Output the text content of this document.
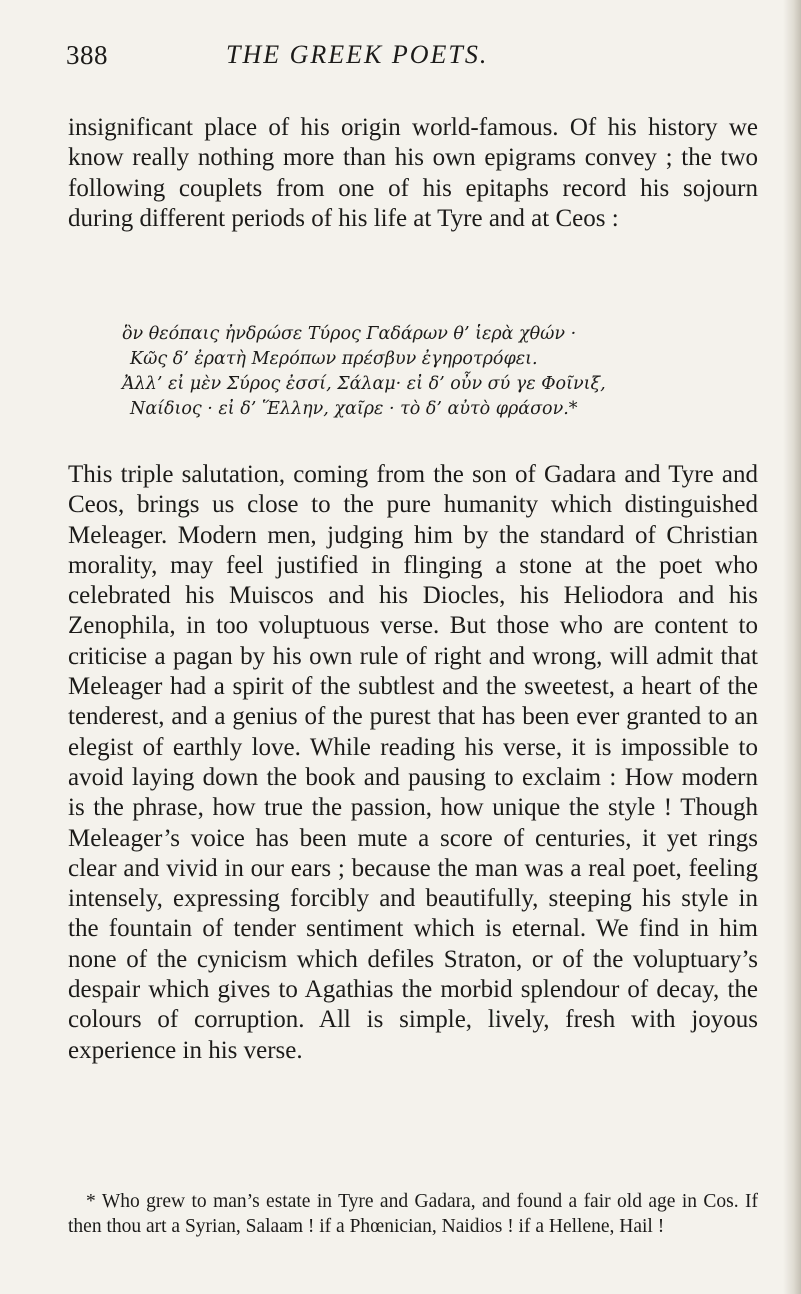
388	THE GREEK POETS.

insignificant place of his origin world-famous. Of his history we know really nothing more than his own epigrams convey ; the two following couplets from one of his epitaphs record his sojourn during different periods of his life at Tyre and at Ceos :

ὃν θεόπαις ἠνδρώσε Τύρος Γαδάρων θ’ ἱερὰ χθών ·
Κῶς δ’ ἐρατὴ Μερόπων πρέσβυν ἐγηροτρόφει.
Ἀλλ’ εἰ μὲν Σύρος ἐσσί, Σάλαμ· εἰ δ’ οὖν σύ γε Φοῖνιξ,
Ναίδιος · εἰ δ’ Ἕλλην, χαῖρε · τὸ δ’ αὐτὸ φράσον.*

This triple salutation, coming from the son of Gadara and Tyre and Ceos, brings us close to the pure humanity which distinguished Meleager. Modern men, judging him by the standard of Christian morality, may feel justified in flinging a stone at the poet who celebrated his Muiscos and his Diocles, his Heliodora and his Zenophila, in too voluptuous verse. But those who are content to criticise a pagan by his own rule of right and wrong, will admit that Meleager had a spirit of the subtlest and the sweetest, a heart of the tenderest, and a genius of the purest that has been ever granted to an elegist of earthly love. While reading his verse, it is impossible to avoid laying down the book and pausing to exclaim : How modern is the phrase, how true the passion, how unique the style ! Though Meleager’s voice has been mute a score of centuries, it yet rings clear and vivid in our ears ; because the man was a real poet, feeling intensely, expressing forcibly and beautifully, steeping his style in the fountain of tender sentiment which is eternal. We find in him none of the cynicism which defiles Straton, or of the voluptuary’s despair which gives to Agathias the morbid splendour of decay, the colours of corruption. All is simple, lively, fresh with joyous experience in his verse.

* Who grew to man’s estate in Tyre and Gadara, and found a fair old age in Cos. If then thou art a Syrian, Salaam ! if a Phœnician, Naidios ! if a Hellene, Hail !
